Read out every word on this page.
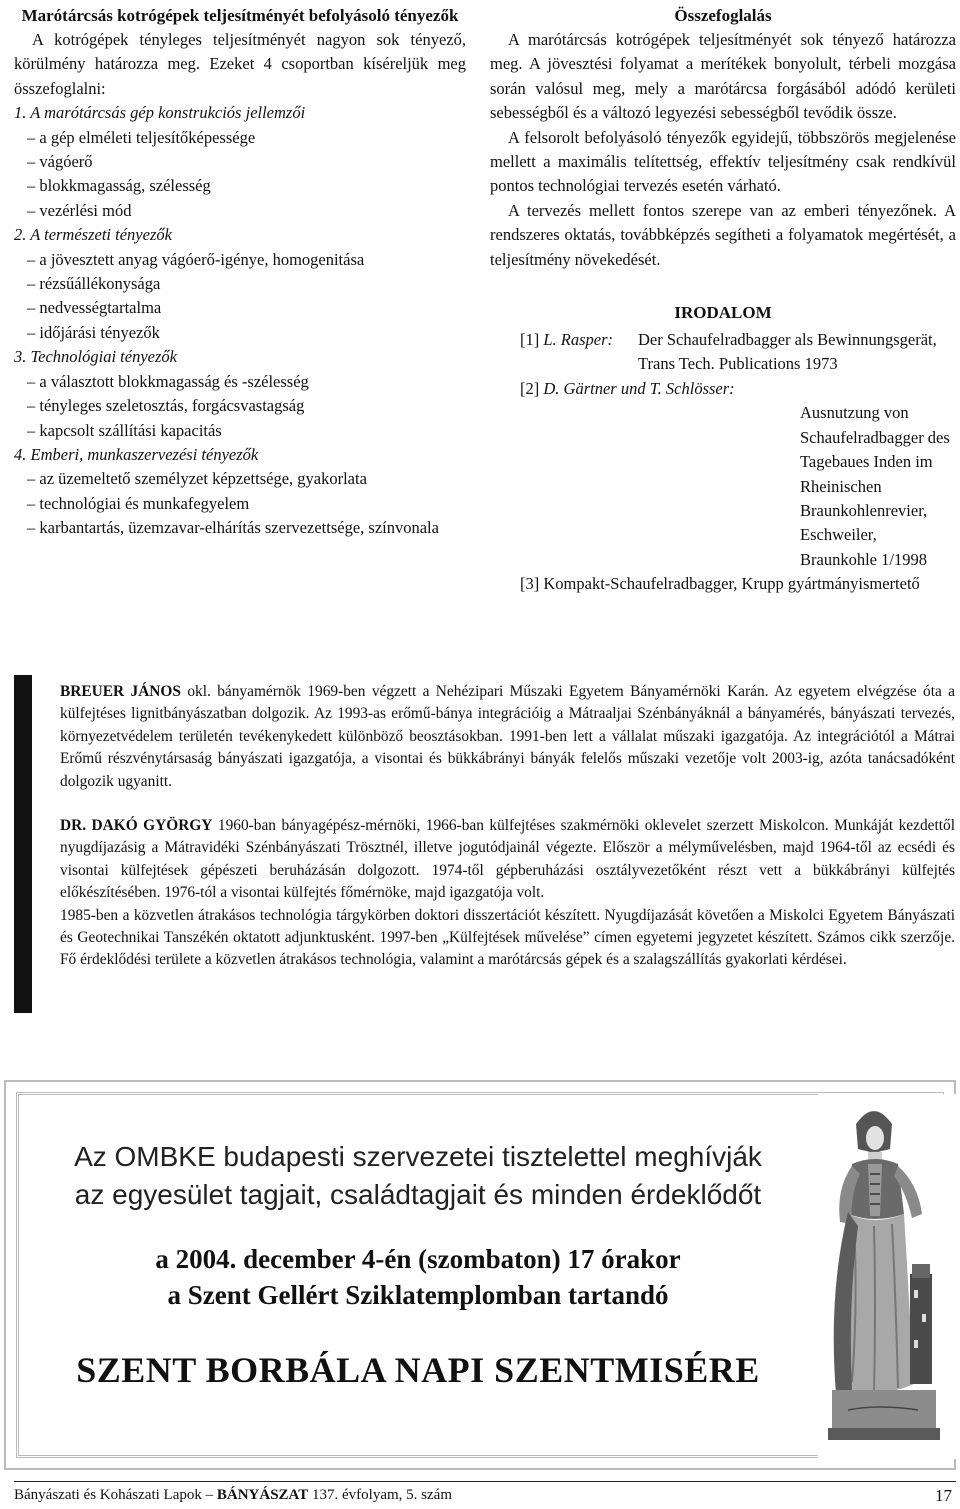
Marótárcsás kotrógépek teljesítményét befolyásoló tényezők

A kotrógépek tényleges teljesítményét nagyon sok tényező, körülmény határozza meg. Ezeket 4 csoportban kíséreljük meg összefoglalni:

1. A marótárcsás gép konstrukciós jellemzői
– a gép elméleti teljesítőképessége
– vágóerő
– blokkmagasság, szélesség
– vezérlési mód
2. A természeti tényezők
– a jövesztett anyag vágóerő-igénye, homogenitása
– rézsűállékonysága
– nedvességtartalma
– időjárási tényezők
3. Technológiai tényezők
– a választott blokkmagasság és -szélesség
– tényleges szeletosztás, forgácsvastagság
– kapcsolt szállítási kapacitás
4. Emberi, munkaszervezési tényezők
– az üzemeltető személyzet képzettsége, gyakorlata
– technológiai és munkafegyelem
– karbantartás, üzemzavar-elhárítás szervezettsége, színvonala
Összefoglalás

A marótárcsás kotrógépek teljesítményét sok tényező határozza meg. A jövesztési folyamat a merítékek bonyolult, térbeli mozgása során valósul meg, mely a marótárcsa forgásából adódó kerületi sebességből és a változó legyezési sebességből tevődik össze.

A felsorolt befolyásoló tényezők egyidejű, többszörös megjelenése mellett a maximális telítettség, effektív teljesítmény csak rendkívül pontos technológiai tervezés esetén várható.

A tervezés mellett fontos szerepe van az emberi tényezőnek. A rendszeres oktatás, továbbképzés segítheti a folyamatok megértését, a teljesítmény növekedését.

IRODALOM
[1] L. Rasper: Der Schaufelradbagger als Bewinnungsgerät, Trans Tech. Publications 1973
[2] D. Gärtner und T. Schlösser:
Ausnutzung von Schaufelradbagger des Tagebaues Inden im Rheinischen Braunkohlenrevier, Eschweiler, Braunkohle 1/1998
[3] Kompakt-Schaufelradbagger, Krupp gyártmányismertető

BREUER JÁNOS okl. bányamérnök 1969-ben végzett a Nehézipari Műszaki Egyetem Bányamérnöki Karán. Az egyetem elvégzése óta a külfejtéses lignitbányászatban dolgozik. Az 1993-as erőmű-bánya integrációig a Mátraaljai Szénbányáknál a bányamérés, bányászati tervezés, környezetvédelem területén tevékenykedett különböző beosztásokban. 1991-ben lett a vállalat műszaki igazgatója. Az integrációtól a Mátrai Erőmű részvénytársaság bányászati igazgatója, a visontai és bükkábrányi bányák felelős műszaki vezetője volt 2003-ig, azóta tanácsadóként dolgozik ugyanitt.

DR. DAKÓ GYÖRGY 1960-ban bányagépész-mérnöki, 1966-ban külfejtéses szakmérnöki oklevelet szerzett Miskolcon. Munkáját kezdettől nyugdíjazásig a Mátravidéki Szénbányászati Trösztnél, illetve jogutódjainál végezte. Először a mélyművelésben, majd 1964-től az ecsédi és visontai külfejtések gépészeti beruházásán dolgozott. 1974-től gépberuházási osztályvezetőként részt vett a bükkábrányi külfejtés előkészítésében. 1976-tól a visontai külfejtés főmérnöke, majd igazgatója volt.

1985-ben a közvetlen átrakásos technológia tárgykörben doktori disszertációt készített. Nyugdíjazását követően a Miskolci Egyetem Bányászati és Geotechnikai Tanszékén oktatott adjunktusként. 1997-ben „Külfejtések művelése” címen egyetemi jegyzetet készített. Számos cikk szerzője. Fő érdeklődési területe a közvetlen átrakásos technológia, valamint a marótárcsás gépek és a szalagszállítás gyakorlati kérdései.

Az OMBKE budapesti szervezetei tisztelettel meghívják
az egyesület tagjait, családtagjait és minden érdeklődőt
a 2004. december 4-én (szombaton) 17 órakor
a Szent Gellért Sziklatemplomban tartandó
SZENT BORBÁLA NAPI SZENTMISÉRE
Bányászati és Kohászati Lapok – BÁNYÁSZAT 137. évfolyam, 5. szám	17
